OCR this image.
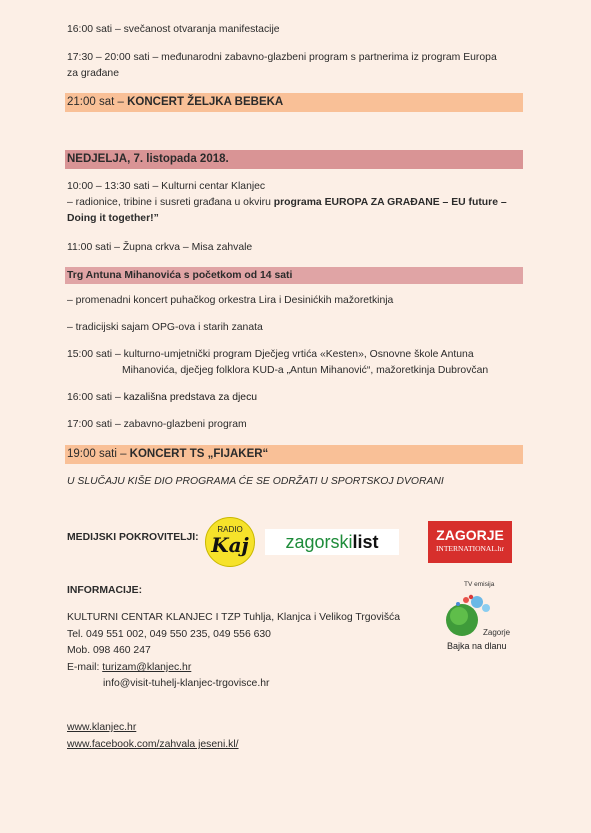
16:00 sati – svečanost otvaranja manifestacije
17:30 – 20:00 sati – međunarodni zabavno-glazbeni program s partnerima iz program Europa
za građane
21:00 sat – KONCERT ŽELJKA BEBEKA
NEDJELJA, 7. listopada 2018.
10:00 – 13:30 sati – Kulturni centar Klanjec
– radionice, tribine i susreti građana u okviru programa EUROPA ZA GRAĐANE – EU future –
Doing it together!”
11:00 sati – Župna crkva – Misa zahvale
Trg Antuna Mihanovića s početkom od 14 sati
– promenadni koncert puhačkog orkestra Lira i Desinićkih mažoretkinja
– tradicijski sajam OPG-ova i starih zanata
15:00 sati – kulturno-umjetnički program Dječjeg vrtića «Kesten», Osnovne škole Antuna
Mihanovića, dječjeg folklora KUD-a „Antun Mihanović“, mažoretkinja Dubrovčan
16:00 sati – kazališna predstava za djecu
17:00 sati – zabavno-glazbeni program
19:00 sati – KONCERT TS „FIJAKER“
U SLUČAJU KIŠE DIO PROGRAMA ĆE SE ODRŽATI U SPORTSKOJ DVORANI
MEDIJSKI POKROVITELJI:
RADIO
Kaj	zagorskilist	ZAGORJE
INTERNATIONAL.hr
INFORMACIJE:
TV emisija
Zagorje
Bajka na dlanu
KULTURNI CENTAR KLANJEC I TZP Tuhlja, Klanjca i Velikog Trgovišća
Tel. 049 551 002, 049 550 235, 049 556 630
Mob. 098 460 247
E-mail: turizam@klanjec.hr
info@visit-tuhelj-klanjec-trgovisce.hr
www.klanjec.hr
www.facebook.com/zahvala jeseni.kl/
